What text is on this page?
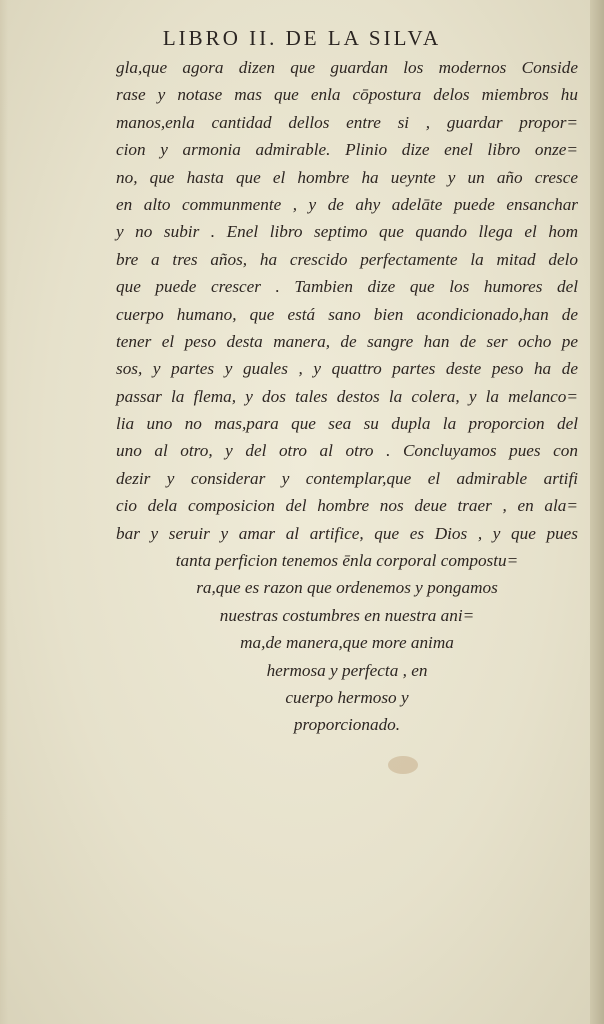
LIBRO II. DE LA SILVA
gla,que agora dizen que guardan los modernos Conside
rase y notase mas que enla cōpostura delos miembros hu
manos,enla cantidad dellos entre si , guardar propor=
cion y armonia admirable. Plinio dize enel libro onze=
no, que hasta que el hombre ha ueynte y un año cresce
en alto communmente , y de ahy adelāte puede ensanchar
y no subir . Enel libro septimo que quando llega el hom
bre a tres años, ha crescido perfectamente la mitad delo
que puede crescer . Tambien dize que los humores del
cuerpo humano, que está sano bien acondicionado,han de
tener el peso desta manera, de sangre han de ser ocho pe
sos, y partes y guales , y quattro partes deste peso ha de
passar la flema, y dos tales destos la colera, y la melanco=
lia uno no mas,para que sea su dupla la proporcion del
uno al otro, y del otro al otro . Concluyamos pues con
dezir y considerar y contemplar,que el admirable artifi
cio dela composicion del hombre nos deue traer , en ala=
bar y seruir y amar al artifice, que es Dios , y que pues
tanta perficion tenemos ēnla corporal compostu=
ra,que es razon que ordenemos y pongamos
nuestras costumbres en nuestra ani=
ma,de manera,que more anima
hermosa y perfecta , en
cuerpo hermoso y
proporcionado.
